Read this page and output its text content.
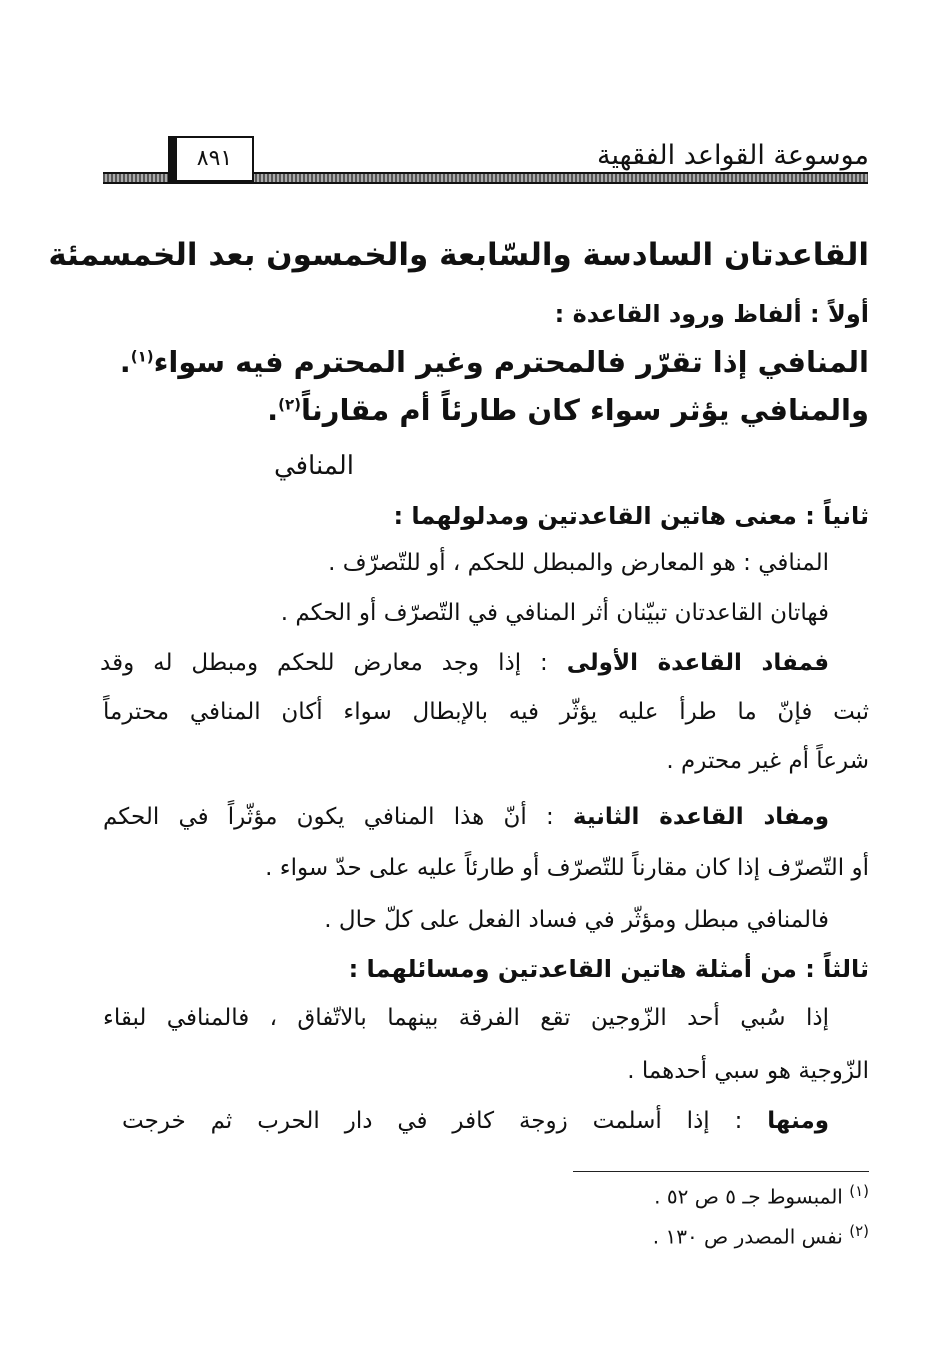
موسوعة القواعد الفقهية
٨٩١
القاعدتان السادسة والسّابعة والخمسون بعد الخمسمئة
أولاً : ألفاظ ورود القاعدة :
المنافي إذا تقرّر فالمحترم وغير المحترم فيه سواء$^{(١)}$.
والمنافي يؤثر سواء كان طارئاً أم مقارناً$^{(٢)}$.
المنافي
ثانياً : معنى هاتين القاعدتين ومدلولهما :
المنافي : هو المعارض والمبطل للحكم ، أو للتّصرّف .
فهاتان القاعدتان تبيّنان أثر المنافي في التّصرّف أو الحكم .
فمفاد القاعدة الأولى : إذا وجد معارض للحكم ومبطل له وقد
ثبت فإنّ ما طرأ عليه يؤثّر فيه بالإبطال سواء أكان المنافي محترماً
شرعاً أم غير محترم .
ومفاد القاعدة الثانية : أنّ هذا المنافي يكون مؤثّراً في الحكم
أو التّصرّف إذا كان مقارناً للتّصرّف أو طارئاً عليه على حدّ سواء .
فالمنافي مبطل ومؤثّر في فساد الفعل على كلّ حال .
ثالثاً : من أمثلة هاتين القاعدتين ومسائلهما :
إذا سُبي أحد الزّوجين تقع الفرقة بينهما بالاتّفاق ، فالمنافي لبقاء
الزّوجية هو سبي أحدهما .
ومنها : إذا أسلمت زوجة كافر في دار الحرب ثم خرجت
$^{(١)}$ المبسوط جـ ٥ ص ٥٢ .
$^{(٢)}$ نفس المصدر ص ١٣٠ .
